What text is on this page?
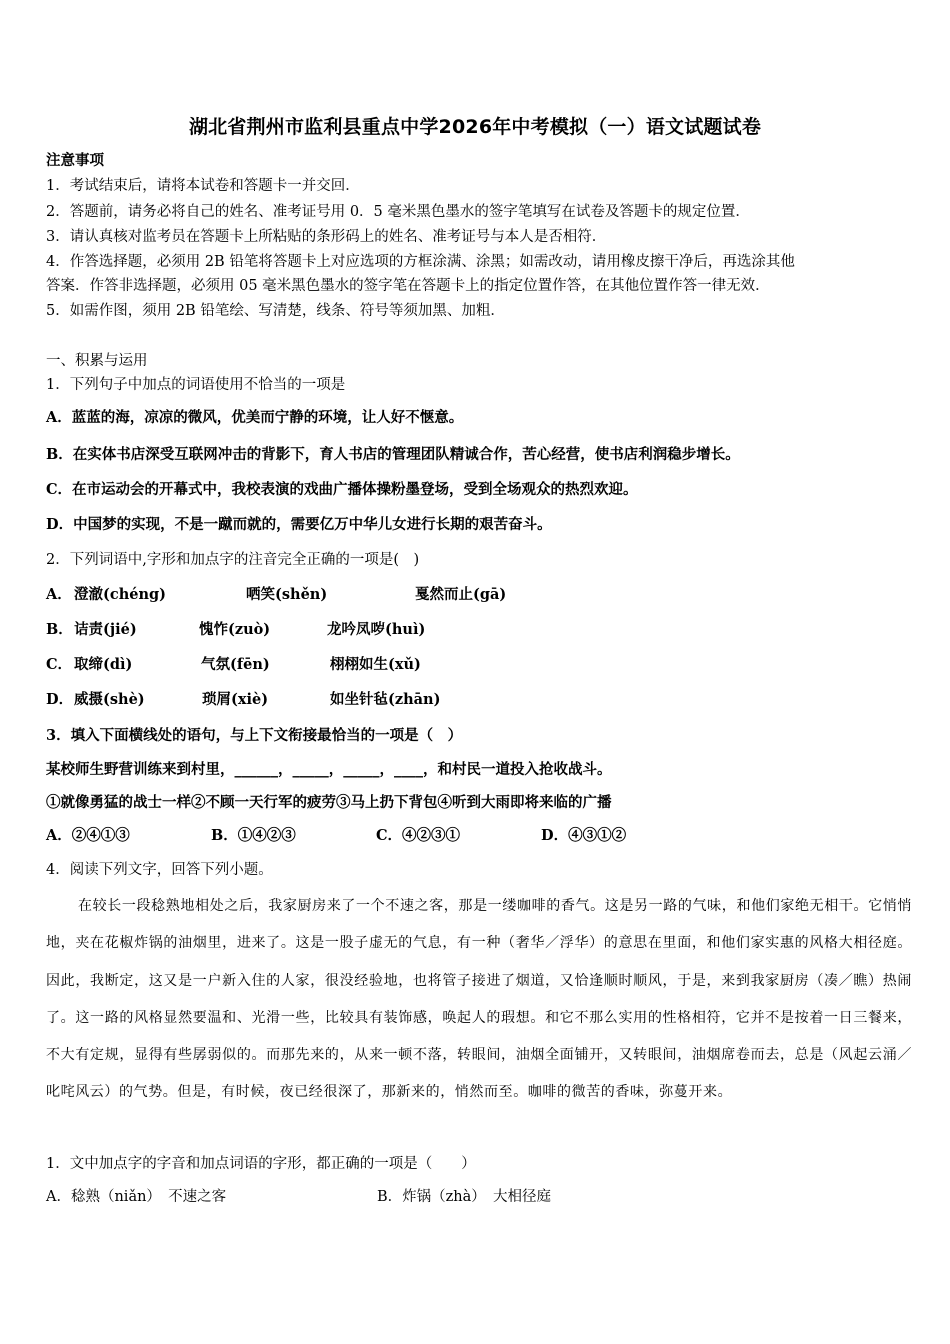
湖北省荆州市监利县重点中学2026年中考模拟（一）语文试题试卷
注意事项
1．考试结束后，请将本试卷和答题卡一并交回．
2．答题前，请务必将自己的姓名、准考证号用 0．5 毫米黑色墨水的签字笔填写在试卷及答题卡的规定位置．
3．请认真核对监考员在答题卡上所粘贴的条形码上的姓名、准考证号与本人是否相符．
4．作答选择题，必须用 2B 铅笔将答题卡上对应选项的方框涂满、涂黑；如需改动，请用橡皮擦干净后，再选涂其他
答案．作答非选择题，必须用 05 毫米黑色墨水的签字笔在答题卡上的指定位置作答，在其他位置作答一律无效．
5．如需作图，须用 2B 铅笔绘、写清楚，线条、符号等须加黑、加粗．
一、积累与运用
1．下列句子中加点的词语使用不恰当的一项是
A．蓝蓝的海，凉凉的微风，优美而宁静的环境，让人好不惬意。
B．在实体书店深受互联网冲击的背影下，育人书店的管理团队精诚合作，苦心经营，使书店利润稳步增长。
C．在市运动会的开幕式中，我校表演的戏曲广播体操粉墨登场，受到全场观众的热烈欢迎。
D．中国梦的实现，不是一蹴而就的，需要亿万中华儿女进行长期的艰苦奋斗。
2．下列词语中,字形和加点字的注音完全正确的一项是(　)
A． 澄澈(chéng)	哂笑(shěn)	戛然而止(gā)
B． 诘责(jié)	愧怍(zuò)	龙吟凤哕(huì)
C． 取缔(dì)	气氛(fēn)	栩栩如生(xǔ)
D． 威摄(shè)	琐屑(xiè)	如坐针毡(zhān)
3．填入下面横线处的语句，与上下文衔接最恰当的一项是（　）
某校师生野营训练来到村里，______，_____，_____，____，和村民一道投入抢收战斗。
①就像勇猛的战士一样②不顾一天行军的疲劳③马上扔下背包④听到大雨即将来临的广播
A．②④①③	B．①④②③	C．④②③①	D．④③①②
4．阅读下列文字，回答下列小题。
在较长一段稔熟地相处之后，我家厨房来了一个不速之客，那是一缕咖啡的香气。这是另一路的气味，和他们家绝无相干。它悄悄地，夹在花椒炸锅的油烟里，进来了。这是一股子虚无的气息，有一种（奢华／浮华）的意思在里面，和他们家实惠的风格大相径庭。因此，我断定，这又是一户新入住的人家，很没经验地，也将管子接进了烟道，又恰逢顺时顺风，于是，来到我家厨房（凑／瞧）热闹了。这一路的风格显然要温和、光滑一些，比较具有装饰感，唤起人的瑕想。和它不那么实用的性格相符，它并不是按着一日三餐来，不大有定规，显得有些孱弱似的。而那先来的，从来一顿不落，转眼间，油烟全面铺开，又转眼间，油烟席卷而去，总是（风起云涌／叱咤风云）的气势。但是，有时候，夜已经很深了，那新来的，悄然而至。咖啡的微苦的香味，弥蔓开来。
1．文中加点字的字音和加点词语的字形，都正确的一项是（　　）
A．稔熟（niǎn）　不速之客	B．炸锅（zhà）　大相径庭
